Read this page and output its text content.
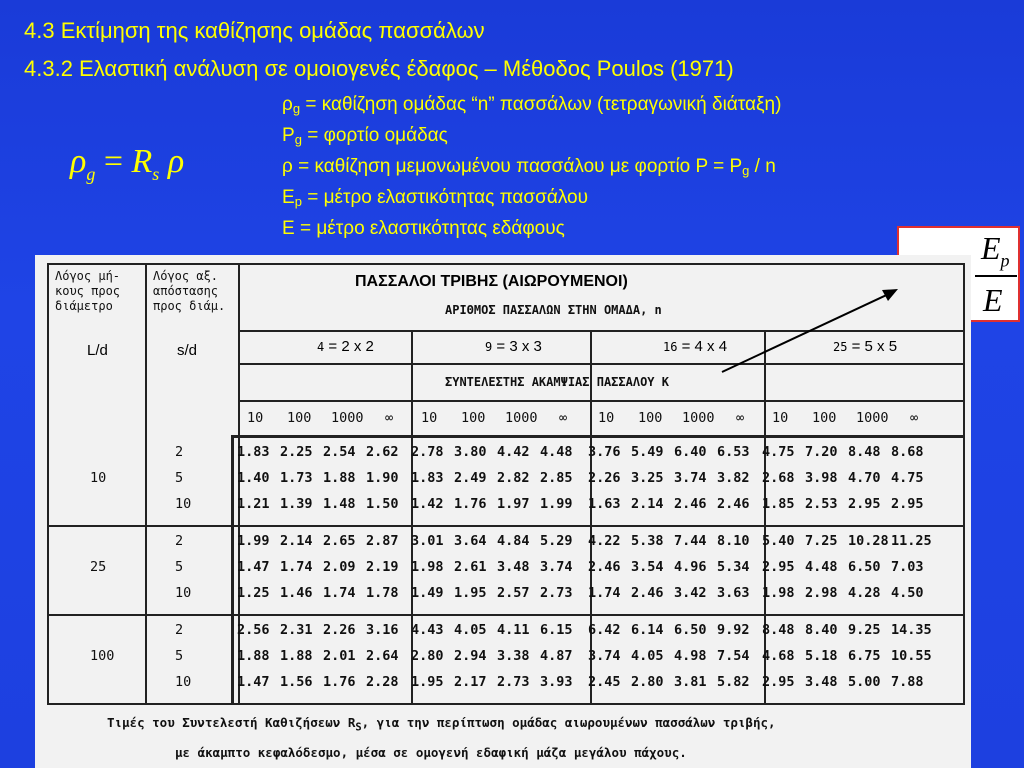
4.3 Εκτίμηση της καθίζησης ομάδας πασσάλων
4.3.2 Ελαστική ανάλυση σε ομοιογενές έδαφος – Μέθοδος Poulos (1971)
$\rho_g = R_s$ ρ
$\rho_g = \kappa\alpha\theta ί\zeta\eta\sigma\eta$ ομάδας “n” πασσάλων (τετραγωνική διάταξη)
$P_g = \varphi o\rho\tau ίo$ ομάδας
ρ = καθίζηση μεμονωμένου πασσάλου με φορτίο $P = P_g / n$
$E_p = \mu έ\tau\rho o$ ελαστικότητας πασσάλου
E = μέτρο ελαστικότητας εδάφους
$E_p$
E
Λόγος μή-
κους προς
διάμετρο
Λόγος αξ.
απόστασης
προς διάμ.
L/d	s/d
ΠΑΣΣΑΛΟΙ ΤΡΙΒΗΣ (ΑΙΩΡΟΥΜΕΝΟΙ)
ΑΡΙΘΜΟΣ ΠΑΣΣΑΛΩΝ ΣΤΗΝ ΟΜΑΔΑ, n
4 = 2 x 2	9 = 3 x 3	16 = 4 x 4	25 = 5 x 5
ΣΥΝΤΕΛΕΣΤΗΣ ΑΚΑΜΨΙΑΣ ΠΑΣΣΑΛΟΥ K
10 100 1000 ∞ 10 100 1000 ∞ 10 100 1000 ∞ 10 100 1000 ∞
10
2	1.83 2.25 2.54 2.62 2.78 3.80 4.42 4.48 3.76 5.49 6.40 6.53 4.75 7.20 8.48 8.68
5	1.40 1.73 1.88 1.90 1.83 2.49 2.82 2.85 2.26 3.25 3.74 3.82 2.68 3.98 4.70 4.75
10	1.21 1.39 1.48 1.50 1.42 1.76 1.97 1.99 1.63 2.14 2.46 2.46 1.85 2.53 2.95 2.95
25
2	1.99 2.14 2.65 2.87 3.01 3.64 4.84 5.29 4.22 5.38 7.44 8.10 5.40 7.25 10.28 11.25
5	1.47 1.74 2.09 2.19 1.98 2.61 3.48 3.74 2.46 3.54 4.96 5.34 2.95 4.48 6.50 7.03
10	1.25 1.46 1.74 1.78 1.49 1.95 2.57 2.73 1.74 2.46 3.42 3.63 1.98 2.98 4.28 4.50
100
2	2.56 2.31 2.26 3.16 4.43 4.05 4.11 6.15 6.42 6.14 6.50 9.92 8.48 8.40 9.25 14.35
5	1.88 1.88 2.01 2.64 2.80 2.94 3.38 4.87 3.74 4.05 4.98 7.54 4.68 5.18 6.75 10.55
10	1.47 1.56 1.76 2.28 1.95 2.17 2.73 3.93 2.45 2.80 3.81 5.82 2.95 3.48 5.00 7.88
Τιμές του Συντελεστή Καθιζήσεων $R_S$, για την περίπτωση ομάδας αιωρουμένων πασσάλων τριβής,
με άκαμπτο κεφαλόδεσμο, μέσα σε ομογενή εδαφική μάζα μεγάλου πάχους.
